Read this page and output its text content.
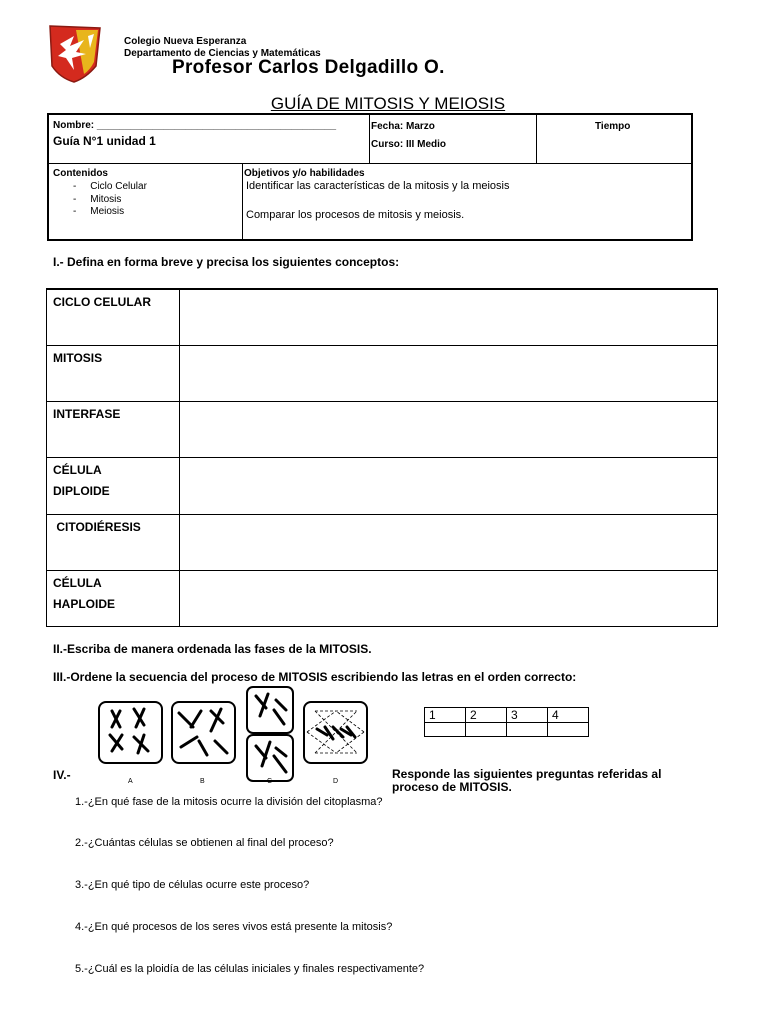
Colegio Nueva Esperanza
Departamento de Ciencias y Matemáticas
Profesor Carlos Delgadillo O.
GUÍA DE MITOSIS Y MEIOSIS
Nombre: ___________________________________________
Guía N°1 unidad 1
Fecha: Marzo
Curso: III Medio
Tiempo
Contenidos
-     Ciclo Celular
-     Mitosis
-     Meiosis
Objetivos y/o habilidades
Identificar las características de la mitosis y la meiosis
Comparar los procesos de mitosis y meiosis.
I.- Defina en forma breve y precisa los siguientes conceptos:
CICLO CELULAR
MITOSIS
INTERFASE
CÉLULA
DIPLOIDE
CITODIÉRESIS
CÉLULA
HAPLOIDE
II.-Escriba de manera ordenada las fases de la MITOSIS.
III.-Ordene la secuencia del proceso de MITOSIS escribiendo las letras en el orden correcto:
A	B	C	D
1	2	3	4

IV.-	Responde las siguientes preguntas referidas al proceso de MITOSIS.
1.-¿En qué fase de la mitosis ocurre la división del citoplasma?
2.-¿Cuántas células se obtienen al final del proceso?
3.-¿En qué tipo de células ocurre este proceso?
4.-¿En qué procesos de los seres vivos está presente la mitosis?
5.-¿Cuál es la ploidía de las células iniciales y finales respectivamente?
